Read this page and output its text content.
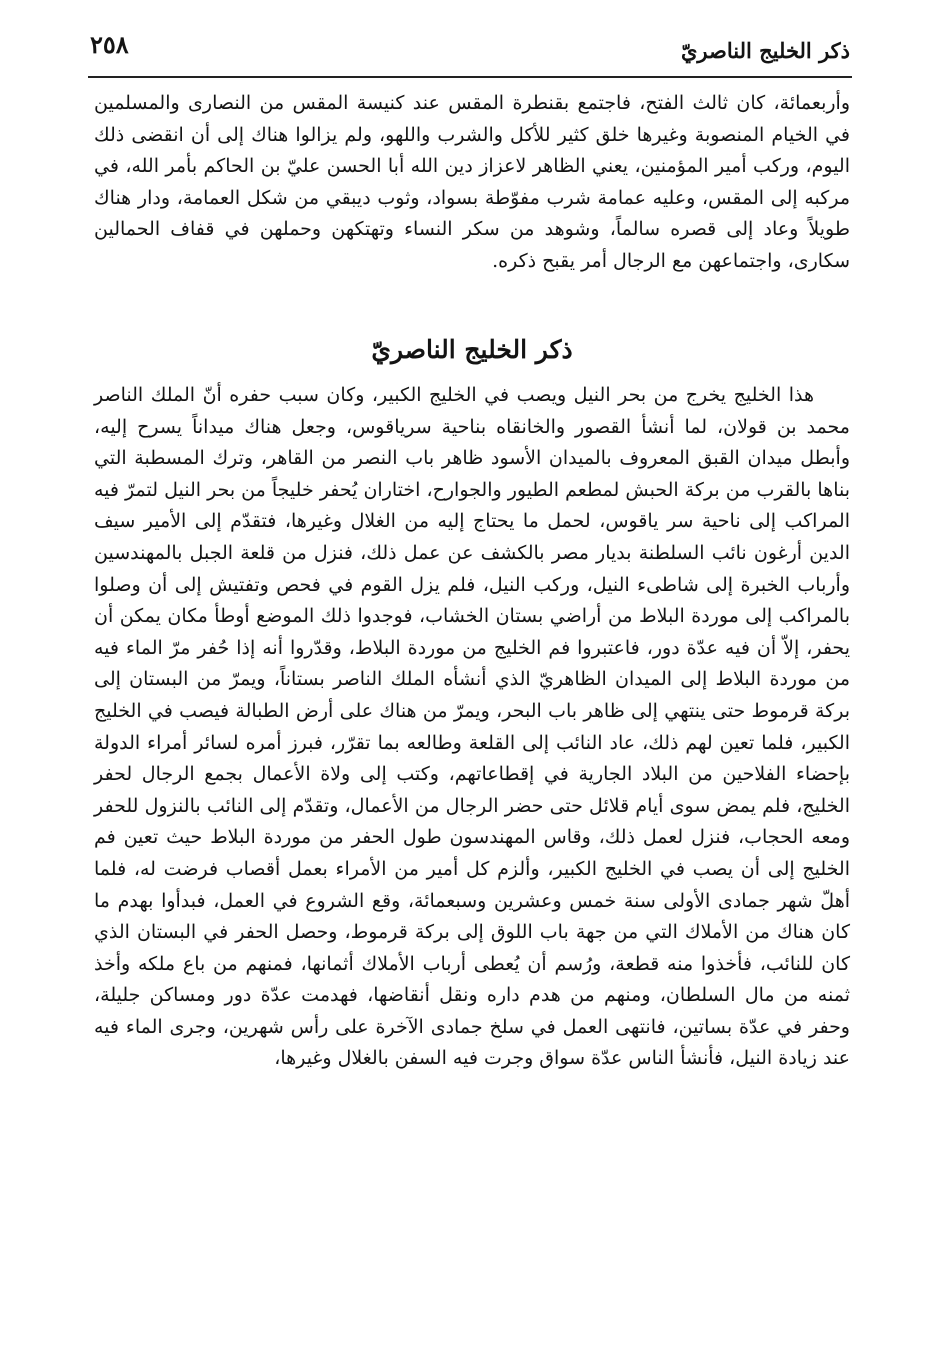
ذكر الخليج الناصريّ
٢٥٨

وأربعمائة، كان ثالث الفتح، فاجتمع بقنطرة المقس عند كنيسة المقس من النصارى والمسلمين في الخيام المنصوبة وغيرها خلق كثير للأكل والشرب واللهو، ولم يزالوا هناك إلى أن انقضى ذلك اليوم، وركب أمير المؤمنين، يعني الظاهر لاعزاز دين الله أبا الحسن عليّ بن الحاكم بأمر الله، في مركبه إلى المقس، وعليه عمامة شرب مفوّطة بسواد، وثوب ديبقي من شكل العمامة، ودار هناك طويلاً وعاد إلى قصره سالماً، وشوهد من سكر النساء وتهتكهن وحملهن في قفاف الحمالين سكارى، واجتماعهن مع الرجال أمر يقبح ذكره.

ذكر الخليج الناصريّ

هذا الخليج يخرج من بحر النيل ويصب في الخليج الكبير، وكان سبب حفره أنّ الملك الناصر محمد بن قولان، لما أنشأ القصور والخانقاه بناحية سرياقوس، وجعل هناك ميداناً يسرح إليه، وأبطل ميدان القبق المعروف بالميدان الأسود ظاهر باب النصر من القاهر، وترك المسطبة التي بناها بالقرب من بركة الحبش لمطعم الطيور والجوارح، اختاران يُحفر خليجاً من بحر النيل لتمرّ فيه المراكب إلى ناحية سر ياقوس، لحمل ما يحتاج إليه من الغلال وغيرها، فتقدّم إلى الأمير سيف الدين أرغون نائب السلطنة بديار مصر بالكشف عن عمل ذلك، فنزل من قلعة الجبل بالمهندسين وأرباب الخبرة إلى شاطىء النيل، وركب النيل، فلم يزل القوم في فحص وتفتيش إلى أن وصلوا بالمراكب إلى موردة البلاط من أراضي بستان الخشاب، فوجدوا ذلك الموضع أوطأ مكان يمكن أن يحفر، إلاّ أن فيه عدّة دور، فاعتبروا فم الخليج من موردة البلاط، وقدّروا أنه إذا حُفر مرّ الماء فيه من موردة البلاط إلى الميدان الظاهريّ الذي أنشأه الملك الناصر بستاناً، ويمرّ من البستان إلى بركة قرموط حتى ينتهي إلى ظاهر باب البحر، ويمرّ من هناك على أرض الطبالة فيصب في الخليج الكبير، فلما تعين لهم ذلك، عاد النائب إلى القلعة وطالعه بما تقرّر، فبرز أمره لسائر أمراء الدولة بإحضاء الفلاحين من البلاد الجارية في إقطاعاتهم، وكتب إلى ولاة الأعمال بجمع الرجال لحفر الخليج، فلم يمض سوى أيام قلائل حتى حضر الرجال من الأعمال، وتقدّم إلى النائب بالنزول للحفر ومعه الحجاب، فنزل لعمل ذلك، وقاس المهندسون طول الحفر من موردة البلاط حيث تعين فم الخليج إلى أن يصب في الخليج الكبير، وألزم كل أمير من الأمراء بعمل أقصاب فرضت له، فلما أهلّ شهر جمادى الأولى سنة خمس وعشرين وسبعمائة، وقع الشروع في العمل، فبدأوا بهدم ما كان هناك من الأملاك التي من جهة باب اللوق إلى بركة قرموط، وحصل الحفر في البستان الذي كان للنائب، فأخذوا منه قطعة، ورُسم أن يُعطى أرباب الأملاك أثمانها، فمنهم من باع ملكه وأخذ ثمنه من مال السلطان، ومنهم من هدم داره ونقل أنقاضها، فهدمت عدّة دور ومساكن جليلة، وحفر في عدّة بساتين، فانتهى العمل في سلخ جمادى الآخرة على رأس شهرين، وجرى الماء فيه عند زيادة النيل، فأنشأ الناس عدّة سواق وجرت فيه السفن بالغلال وغيرها،
